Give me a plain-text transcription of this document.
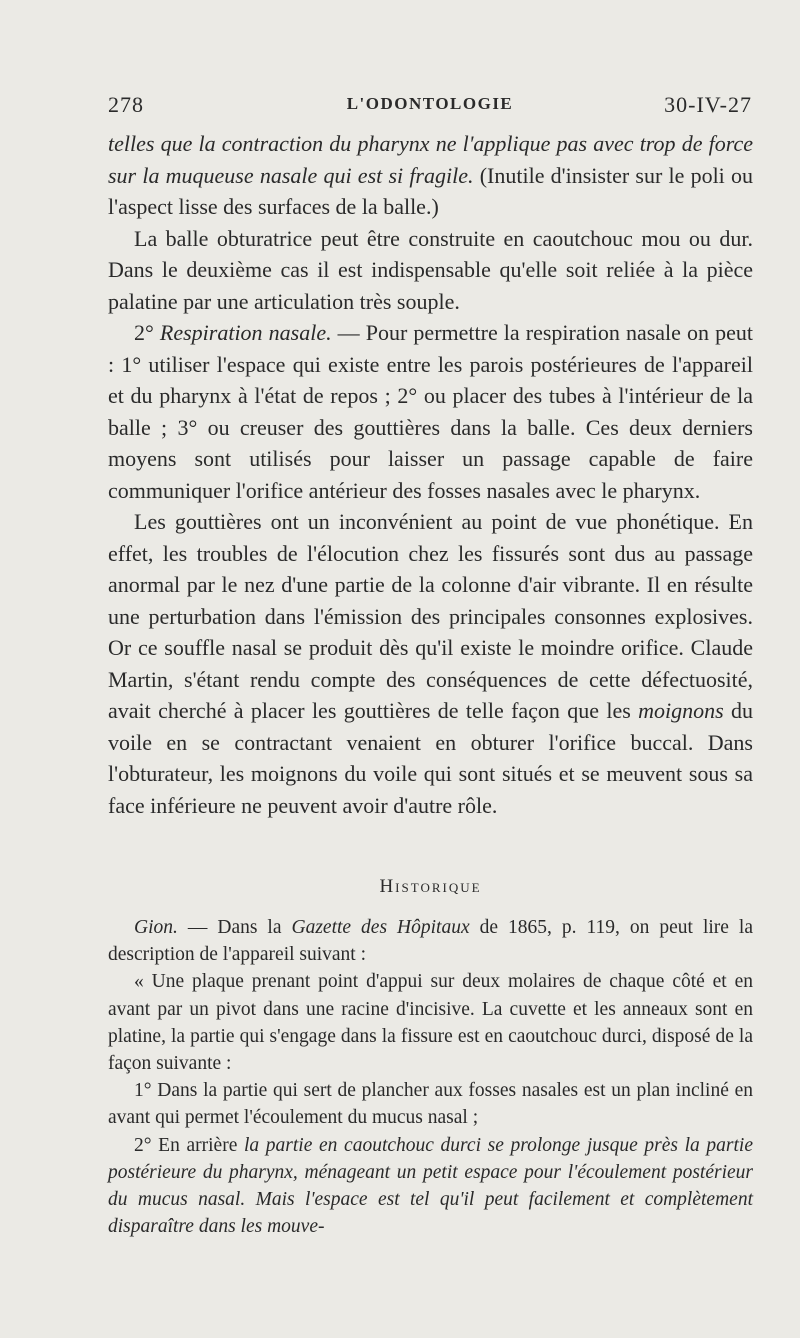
278	L'ODONTOLOGIE	30-IV-27

telles que la contraction du pharynx ne l'applique pas avec trop de force sur la muqueuse nasale qui est si fragile. (Inutile d'insister sur le poli ou l'aspect lisse des surfaces de la balle.)

La balle obturatrice peut être construite en caoutchouc mou ou dur. Dans le deuxième cas il est indispensable qu'elle soit reliée à la pièce palatine par une articulation très souple.

2° Respiration nasale. — Pour permettre la respiration nasale on peut : 1° utiliser l'espace qui existe entre les parois postérieures de l'appareil et du pharynx à l'état de repos ; 2° ou placer des tubes à l'intérieur de la balle ; 3° ou creuser des gouttières dans la balle. Ces deux derniers moyens sont utilisés pour laisser un passage capable de faire communiquer l'orifice antérieur des fosses nasales avec le pharynx.

Les gouttières ont un inconvénient au point de vue phonétique. En effet, les troubles de l'élocution chez les fissurés sont dus au passage anormal par le nez d'une partie de la colonne d'air vibrante. Il en résulte une perturbation dans l'émission des principales consonnes explosives. Or ce souffle nasal se produit dès qu'il existe le moindre orifice. Claude Martin, s'étant rendu compte des conséquences de cette défectuosité, avait cherché à placer les gouttières de telle façon que les moignons du voile en se contractant venaient en obturer l'orifice buccal. Dans l'obturateur, les moignons du voile qui sont situés et se meuvent sous sa face inférieure ne peuvent avoir d'autre rôle.

Historique

Gion. — Dans la Gazette des Hôpitaux de 1865, p. 119, on peut lire la description de l'appareil suivant :

« Une plaque prenant point d'appui sur deux molaires de chaque côté et en avant par un pivot dans une racine d'incisive. La cuvette et les anneaux sont en platine, la partie qui s'engage dans la fissure est en caoutchouc durci, disposé de la façon suivante :

1° Dans la partie qui sert de plancher aux fosses nasales est un plan incliné en avant qui permet l'écoulement du mucus nasal ;

2° En arrière la partie en caoutchouc durci se prolonge jusque près la partie postérieure du pharynx, ménageant un petit espace pour l'écoulement postérieur du mucus nasal. Mais l'espace est tel qu'il peut facilement et complètement disparaître dans les mouve-
